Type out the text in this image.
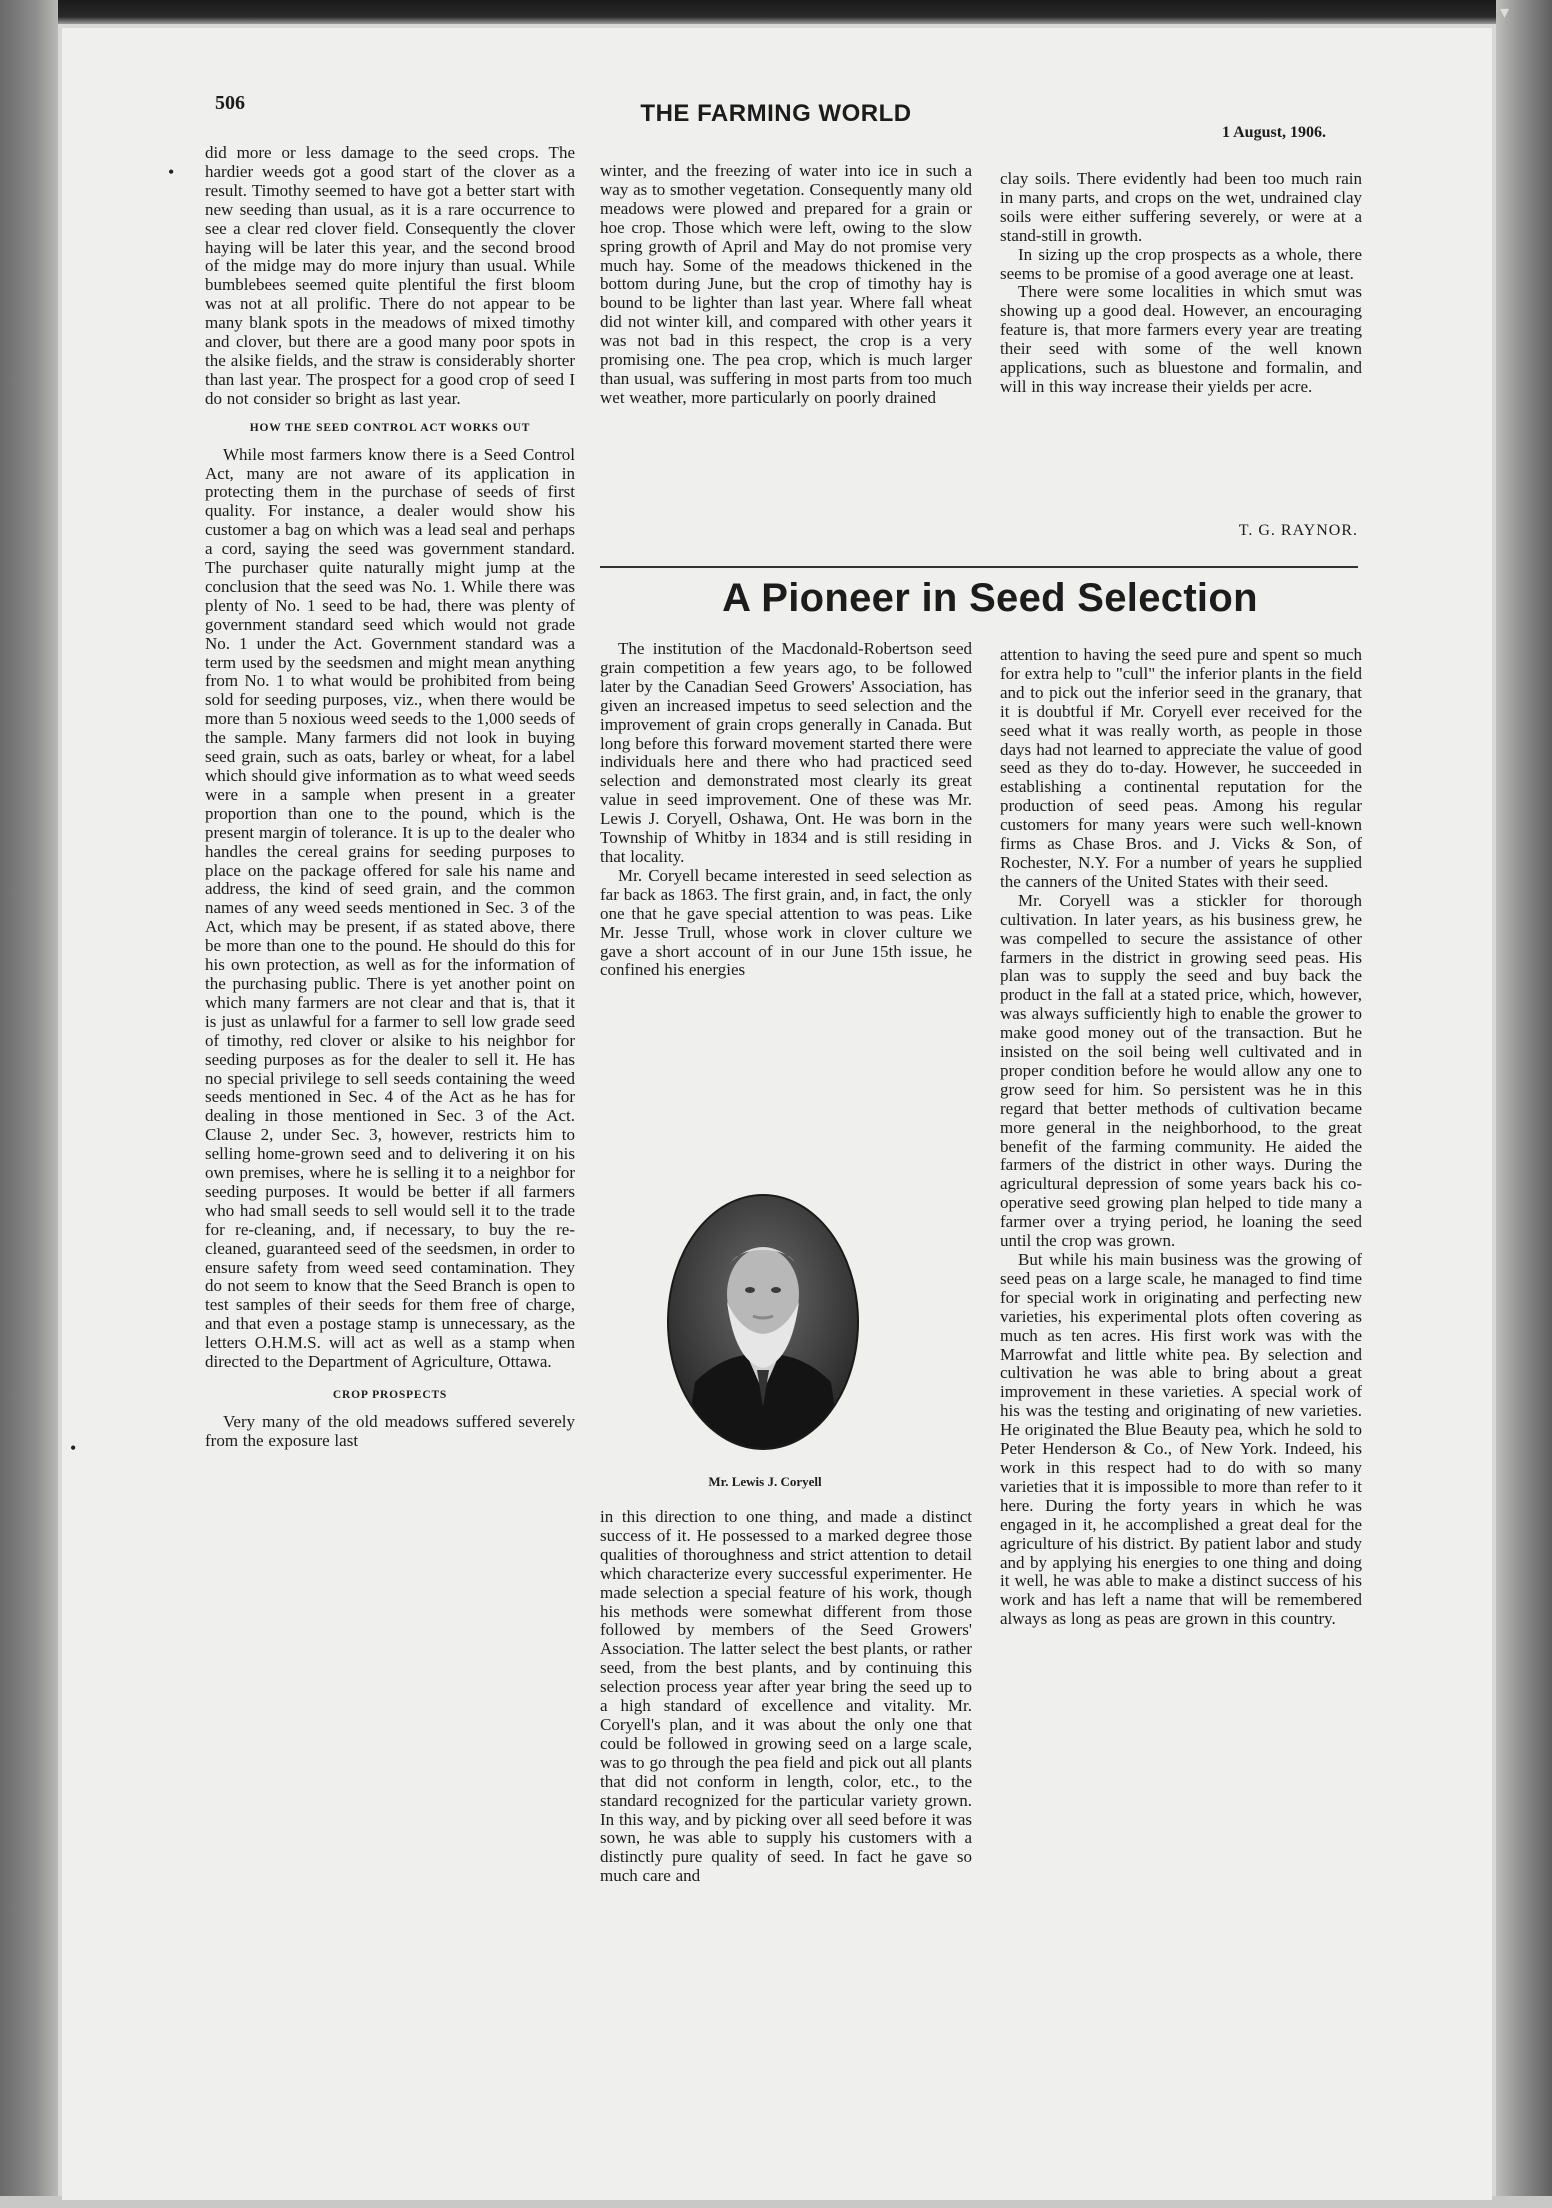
▾
•
•
506	THE FARMING WORLD
1 August, 1906.

did more or less damage to the seed crops. The hardier weeds got a good start of the clover as a result. Timothy seemed to have got a better start with new seeding than usual, as it is a rare occurrence to see a clear red clover field. Consequently the clover haying will be later this year, and the second brood of the midge may do more injury than usual. While bumblebees seemed quite plentiful the first bloom was not at all prolific. There do not appear to be many blank spots in the meadows of mixed timothy and clover, but there are a good many poor spots in the alsike fields, and the straw is considerably shorter than last year. The prospect for a good crop of seed I do not consider so bright as last year.

HOW THE SEED CONTROL ACT WORKS OUT

While most farmers know there is a Seed Control Act, many are not aware of its application in protecting them in the purchase of seeds of first quality. For instance, a dealer would show his customer a bag on which was a lead seal and perhaps a cord, saying the seed was government standard. The purchaser quite naturally might jump at the conclusion that the seed was No. 1. While there was plenty of No. 1 seed to be had, there was plenty of government standard seed which would not grade No. 1 under the Act. Government standard was a term used by the seedsmen and might mean anything from No. 1 to what would be prohibited from being sold for seeding purposes, viz., when there would be more than 5 noxious weed seeds to the 1,000 seeds of the sample. Many farmers did not look in buying seed grain, such as oats, barley or wheat, for a label which should give information as to what weed seeds were in a sample when present in a greater proportion than one to the pound, which is the present margin of tolerance. It is up to the dealer who handles the cereal grains for seeding purposes to place on the package offered for sale his name and address, the kind of seed grain, and the common names of any weed seeds mentioned in Sec. 3 of the Act, which may be present, if as stated above, there be more than one to the pound. He should do this for his own protection, as well as for the information of the purchasing public. There is yet another point on which many farmers are not clear and that is, that it is just as unlawful for a farmer to sell low grade seed of timothy, red clover or alsike to his neighbor for seeding purposes as for the dealer to sell it. He has no special privilege to sell seeds containing the weed seeds mentioned in Sec. 4 of the Act as he has for dealing in those mentioned in Sec. 3 of the Act. Clause 2, under Sec. 3, however, restricts him to selling home-grown seed and to delivering it on his own premises, where he is selling it to a neighbor for seeding purposes. It would be better if all farmers who had small seeds to sell would sell it to the trade for re-cleaning, and, if necessary, to buy the re-cleaned, guaranteed seed of the seedsmen, in order to ensure safety from weed seed contamination. They do not seem to know that the Seed Branch is open to test samples of their seeds for them free of charge, and that even a postage stamp is unnecessary, as the letters O.H.M.S. will act as well as a stamp when directed to the Department of Agriculture, Ottawa.

CROP PROSPECTS

Very many of the old meadows suffered severely from the exposure last

winter, and the freezing of water into ice in such a way as to smother vegetation. Consequently many old meadows were plowed and prepared for a grain or hoe crop. Those which were left, owing to the slow spring growth of April and May do not promise very much hay. Some of the meadows thickened in the bottom during June, but the crop of timothy hay is bound to be lighter than last year. Where fall wheat did not winter kill, and compared with other years it was not bad in this respect, the crop is a very promising one. The pea crop, which is much larger than usual, was suffering in most parts from too much wet weather, more particularly on poorly drained

clay soils. There evidently had been too much rain in many parts, and crops on the wet, undrained clay soils were either suffering severely, or were at a stand-still in growth.

In sizing up the crop prospects as a whole, there seems to be promise of a good average one at least.

There were some localities in which smut was showing up a good deal. However, an encouraging feature is, that more farmers every year are treating their seed with some of the well known applications, such as bluestone and formalin, and will in this way increase their yields per acre.

T. G. RAYNOR.
A Pioneer in Seed Selection

The institution of the Macdonald-Robertson seed grain competition a few years ago, to be followed later by the Canadian Seed Growers' Association, has given an increased impetus to seed selection and the improvement of grain crops generally in Canada. But long before this forward movement started there were individuals here and there who had practiced seed selection and demonstrated most clearly its great value in seed improvement. One of these was Mr. Lewis J. Coryell, Oshawa, Ont. He was born in the Township of Whitby in 1834 and is still residing in that locality.

Mr. Coryell became interested in seed selection as far back as 1863. The first grain, and, in fact, the only one that he gave special attention to was peas. Like Mr. Jesse Trull, whose work in clover culture we gave a short account of in our June 15th issue, he confined his energies

Mr. Lewis J. Coryell

in this direction to one thing, and made a distinct success of it. He possessed to a marked degree those qualities of thoroughness and strict attention to detail which characterize every successful experimenter. He made selection a special feature of his work, though his methods were somewhat different from those followed by members of the Seed Growers' Association. The latter select the best plants, or rather seed, from the best plants, and by continuing this selection process year after year bring the seed up to a high standard of excellence and vitality. Mr. Coryell's plan, and it was about the only one that could be followed in growing seed on a large scale, was to go through the pea field and pick out all plants that did not conform in length, color, etc., to the standard recognized for the particular variety grown. In this way, and by picking over all seed before it was sown, he was able to supply his customers with a distinctly pure quality of seed. In fact he gave so much care and

attention to having the seed pure and spent so much for extra help to "cull" the inferior plants in the field and to pick out the inferior seed in the granary, that it is doubtful if Mr. Coryell ever received for the seed what it was really worth, as people in those days had not learned to appreciate the value of good seed as they do to-day. However, he succeeded in establishing a continental reputation for the production of seed peas. Among his regular customers for many years were such well-known firms as Chase Bros. and J. Vicks & Son, of Rochester, N.Y. For a number of years he supplied the canners of the United States with their seed.

Mr. Coryell was a stickler for thorough cultivation. In later years, as his business grew, he was compelled to secure the assistance of other farmers in the district in growing seed peas. His plan was to supply the seed and buy back the product in the fall at a stated price, which, however, was always sufficiently high to enable the grower to make good money out of the transaction. But he insisted on the soil being well cultivated and in proper condition before he would allow any one to grow seed for him. So persistent was he in this regard that better methods of cultivation became more general in the neighborhood, to the great benefit of the farming community. He aided the farmers of the district in other ways. During the agricultural depression of some years back his co-operative seed growing plan helped to tide many a farmer over a trying period, he loaning the seed until the crop was grown.

But while his main business was the growing of seed peas on a large scale, he managed to find time for special work in originating and perfecting new varieties, his experimental plots often covering as much as ten acres. His first work was with the Marrowfat and little white pea. By selection and cultivation he was able to bring about a great improvement in these varieties. A special work of his was the testing and originating of new varieties. He originated the Blue Beauty pea, which he sold to Peter Henderson & Co., of New York. Indeed, his work in this respect had to do with so many varieties that it is impossible to more than refer to it here. During the forty years in which he was engaged in it, he accomplished a great deal for the agriculture of his district. By patient labor and study and by applying his energies to one thing and doing it well, he was able to make a distinct success of his work and has left a name that will be remembered always as long as peas are grown in this country.
